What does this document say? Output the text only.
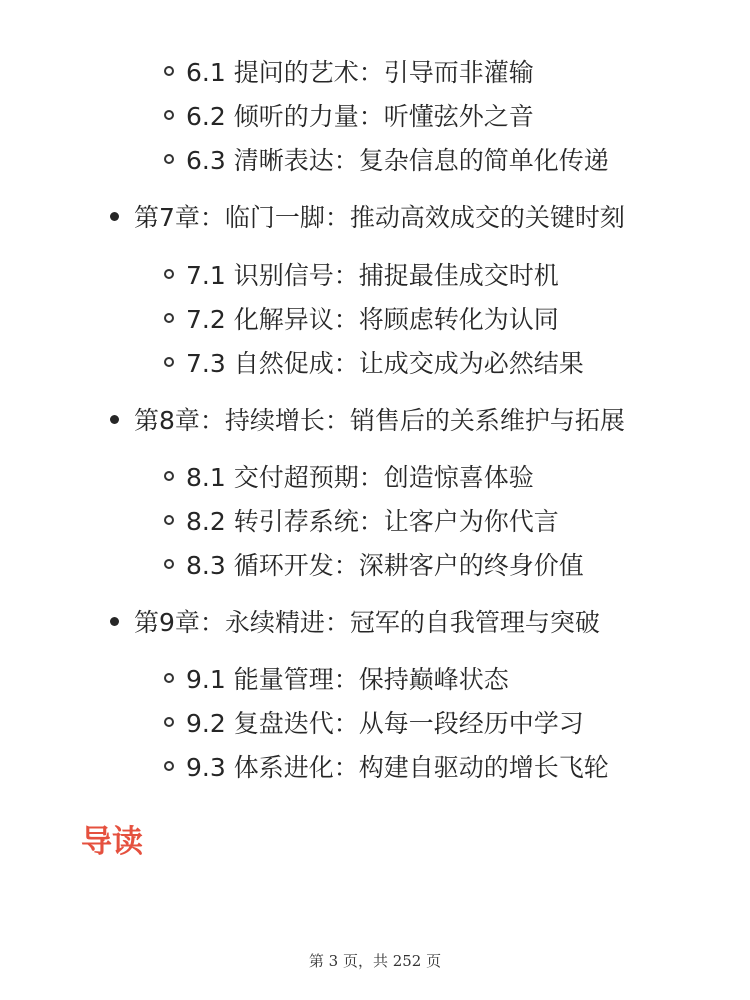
6.1 提问的艺术：引导而非灌输
6.2 倾听的力量：听懂弦外之音
6.3 清晰表达：复杂信息的简单化传递
第7章：临门一脚：推动高效成交的关键时刻
7.1 识别信号：捕捉最佳成交时机
7.2 化解异议：将顾虑转化为认同
7.3 自然促成：让成交成为必然结果
第8章：持续增长：销售后的关系维护与拓展
8.1 交付超预期：创造惊喜体验
8.2 转引荐系统：让客户为你代言
8.3 循环开发：深耕客户的终身价值
第9章：永续精进：冠军的自我管理与突破
9.1 能量管理：保持巅峰状态
9.2 复盘迭代：从每一段经历中学习
9.3 体系进化：构建自驱动的增长飞轮
导读
第 3 页，共 252 页
